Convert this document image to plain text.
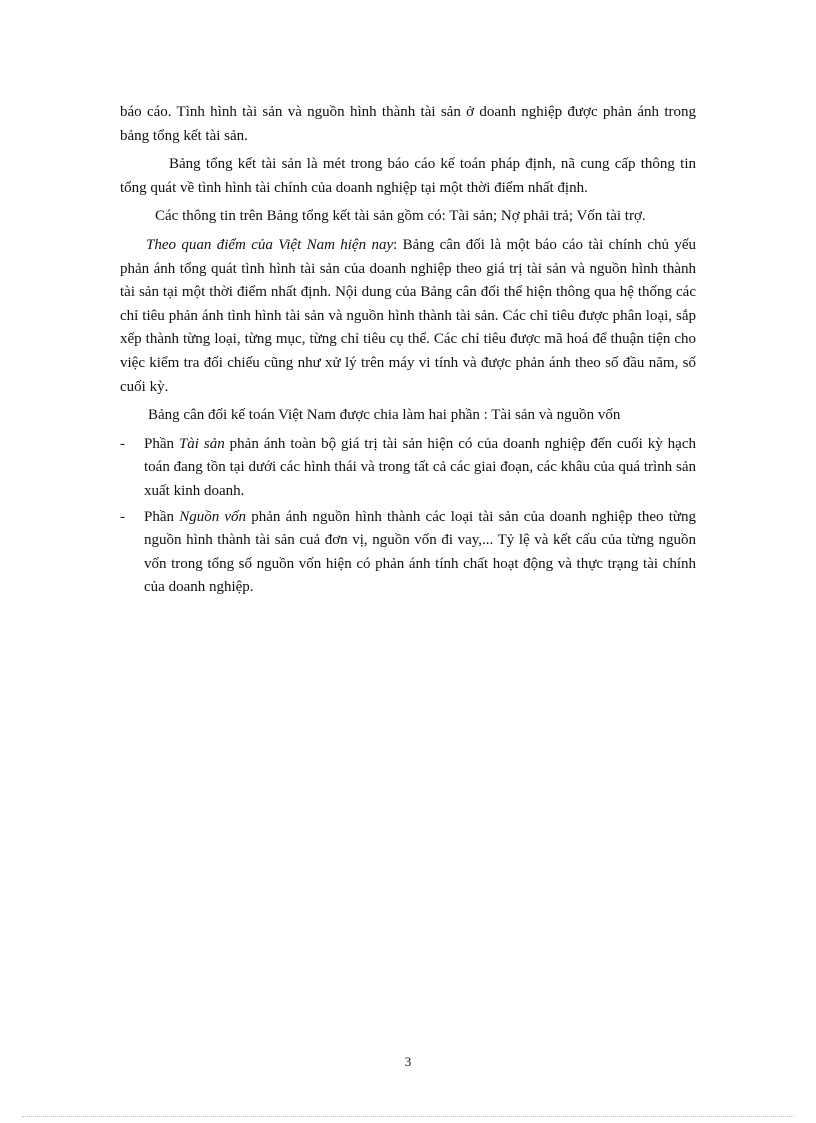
báo cáo. Tình hình tài sản và nguồn hình thành tài sản ở doanh nghiệp được phản ánh trong bảng tổng kết tài sản.

Bảng tổng kết tài sản là mét trong báo cáo kế toán pháp định, nã cung cấp thông tin tổng quát về tình hình tài chính của doanh nghiệp tại một thời điểm nhất định.

Các thông tin trên Bảng tổng kết tài sản gồm có: Tài sản; Nợ phải trả; Vốn tài trợ.

Theo quan điểm của Việt Nam hiện nay: Bảng cân đối là một báo cáo tài chính chủ yếu phản ánh tổng quát tình hình tài sản của doanh nghiệp theo giá trị tài sản và nguồn hình thành tài sản tại một thời điểm nhất định. Nội dung của Bảng cân đối thể hiện thông qua hệ thống các chỉ tiêu phản ánh tình hình tài sản và nguồn hình thành tài sản. Các chỉ tiêu được phân loại, sắp xếp thành từng loại, từng mục, từng chỉ tiêu cụ thể. Các chỉ tiêu được mã hoá để thuận tiện cho việc kiểm tra đối chiếu cũng như xử lý trên máy vi tính và được phản ánh theo số đầu năm, số cuối kỳ.

Bảng cân đối kế toán Việt Nam được chia làm hai phần : Tài sản và nguồn vốn

- Phần Tài sản phản ánh toàn bộ giá trị tài sản hiện có của doanh nghiệp đến cuối kỳ hạch toán đang tồn tại dưới các hình thái và trong tất cả các giai đoạn, các khâu của quá trình sản xuất kinh doanh.
- Phần Nguồn vốn phản ánh nguồn hình thành các loại tài sản của doanh nghiệp theo từng nguồn hình thành tài sản cuả đơn vị, nguồn vốn đi vay,... Tỷ lệ và kết cấu của từng nguồn vốn trong tổng số nguồn vốn hiện có phản ánh tính chất hoạt động và thực trạng tài chính của doanh nghiệp.
3
